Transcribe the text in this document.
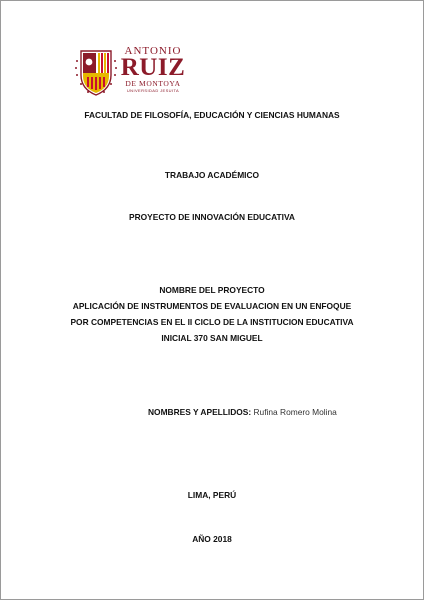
ANTONIO
RUIZ
DE MONTOYA
UNIVERSIDAD JESUITA
FACULTAD DE FILOSOFÍA, EDUCACIÓN Y CIENCIAS HUMANAS
TRABAJO ACADÉMICO
PROYECTO DE INNOVACIÓN EDUCATIVA
NOMBRE DEL PROYECTO
APLICACIÓN DE INSTRUMENTOS DE EVALUACION EN UN ENFOQUE
POR COMPETENCIAS EN EL II CICLO DE LA INSTITUCION EDUCATIVA
INICIAL 370 SAN MIGUEL
NOMBRES Y APELLIDOS: Rufina Romero Molina
LIMA, PERÚ
AÑO 2018
